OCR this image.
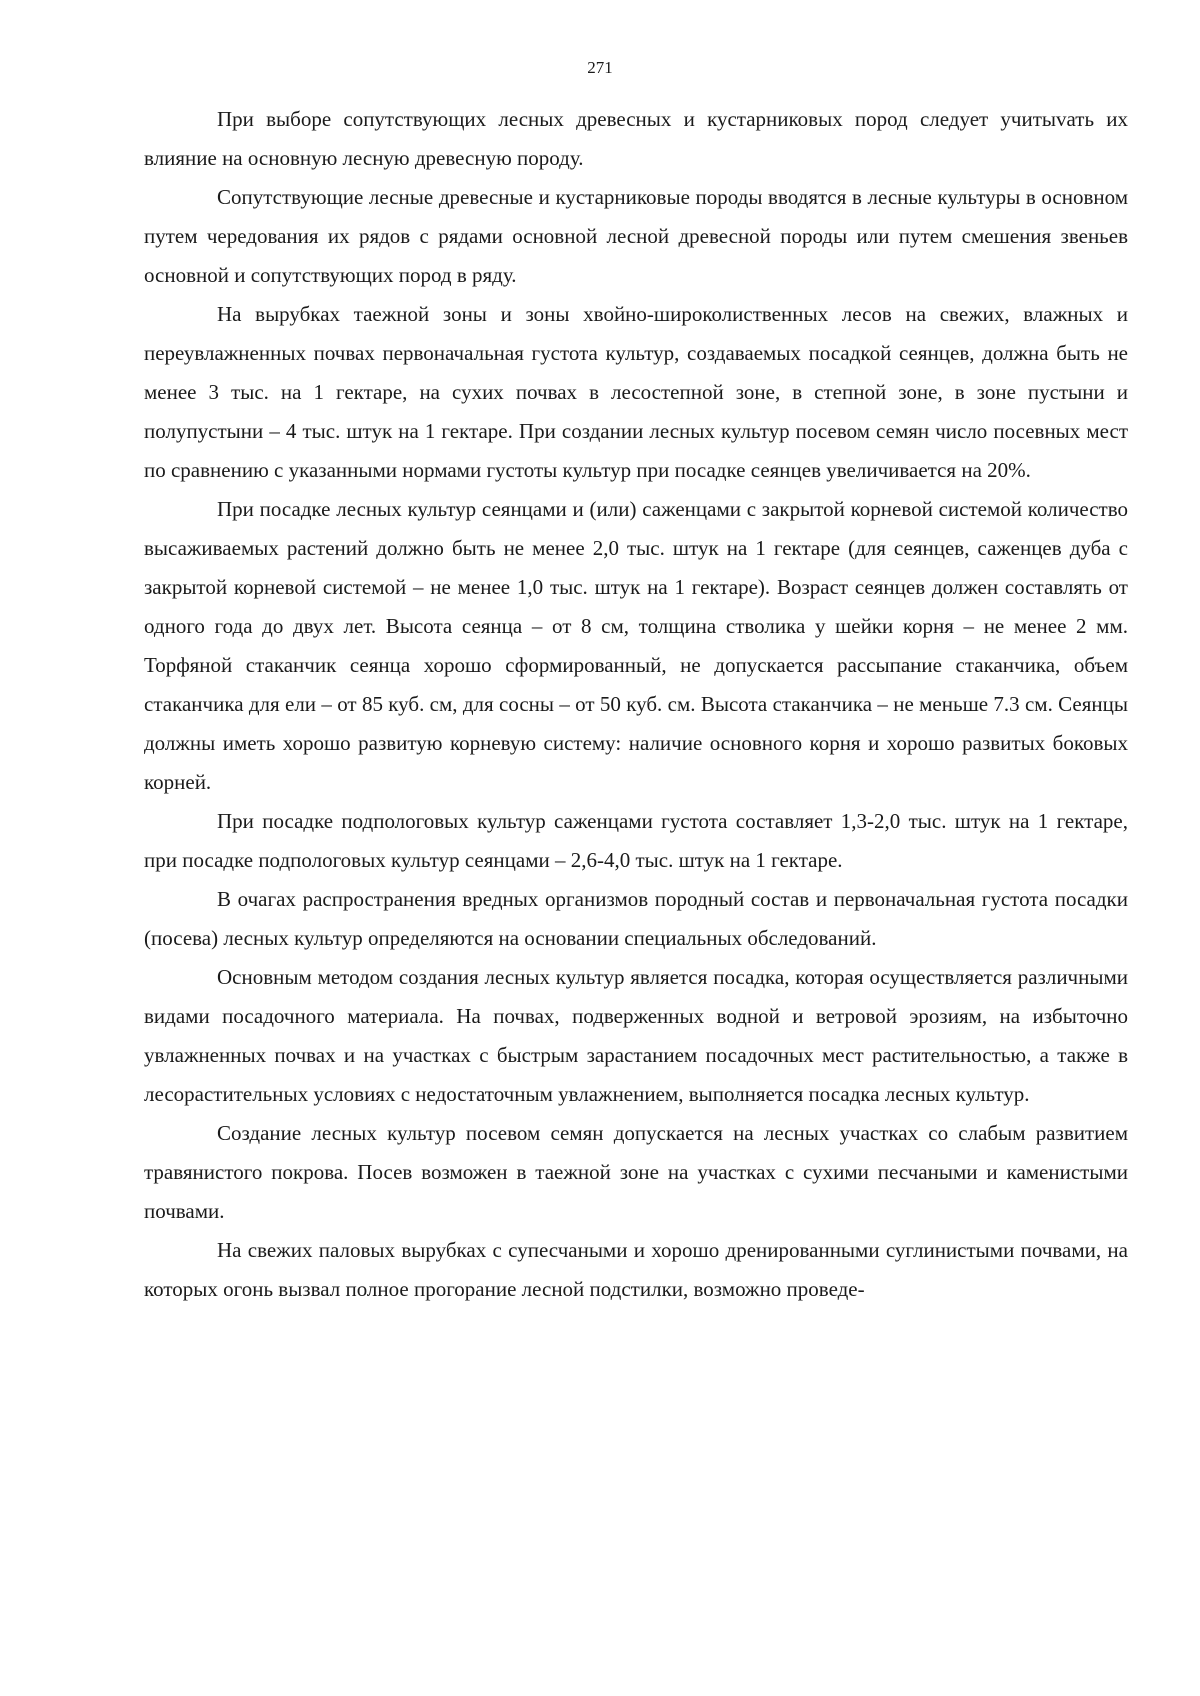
271

При выборе сопутствующих лесных древесных и кустарниковых пород следует учитыvать их влияние на основную лесную древесную породу.

Сопутствующие лесные древесные и кустарниковые породы вводятся в лесные культуры в основном путем чередования их рядов с рядами основной лесной древесной породы или путем смешения звеньев основной и сопутствующих пород в ряду.

На вырубках таежной зоны и зоны хвойно-широколиственных лесов на свежих, влажных и переувлажненных почвах первоначальная густота культур, создаваемых посадкой сеянцев, должна быть не менее 3 тыс. на 1 гектаре, на сухих почвах в лесостепной зоне, в степной зоне, в зоне пустыни и полупустыни – 4 тыс. штук на 1 гектаре. При создании лесных культур посевом семян число посевных мест по сравнению с указанными нормами густоты культур при посадке сеянцев увеличивается на 20%.

При посадке лесных культур сеянцами и (или) саженцами с закрытой корневой системой количество высаживаемых растений должно быть не менее 2,0 тыс. штук на 1 гектаре (для сеянцев, саженцев дуба с закрытой корневой системой – не менее 1,0 тыс. штук на 1 гектаре). Возраст сеянцев должен составлять от одного года до двух лет. Высота сеянца – от 8 см, толщина стволика у шейки корня – не менее 2 мм. Торфяной стаканчик сеянца хорошо сформированный, не допускается рассыпание стаканчика, объем стаканчика для ели – от 85 куб. см, для сосны – от 50 куб. см. Высота стаканчика – не меньше 7.3 см. Сеянцы должны иметь хорошо развитую корневую систему: наличие основного корня и хорошо развитых боковых корней.

При посадке подпологовых культур саженцами густота составляет 1,3-2,0 тыс. штук на 1 гектаре, при посадке подпологовых культур сеянцами – 2,6-4,0 тыс. штук на 1 гектаре.

В очагах распространения вредных организмов породный состав и первоначальная густота посадки (посева) лесных культур определяются на основании специальных обследований.

Основным методом создания лесных культур является посадка, которая осуществляется различными видами посадочного материала. На почвах, подверженных водной и ветровой эрозиям, на избыточно увлажненных почвах и на участках с быстрым зарастанием посадочных мест растительностью, а также в лесорастительных условиях с недостаточным увлажнением, выполняется посадка лесных культур.

Создание лесных культур посевом семян допускается на лесных участках со слабым развитием травянистого покрова. Посев возможен в таежной зоне на участках с сухими песчаными и каменистыми почвами.

На свежих паловых вырубках с супесчаными и хорошо дренированными суглинистыми почвами, на которых огонь вызвал полное прогорание лесной подстилки, возможно проведе-
